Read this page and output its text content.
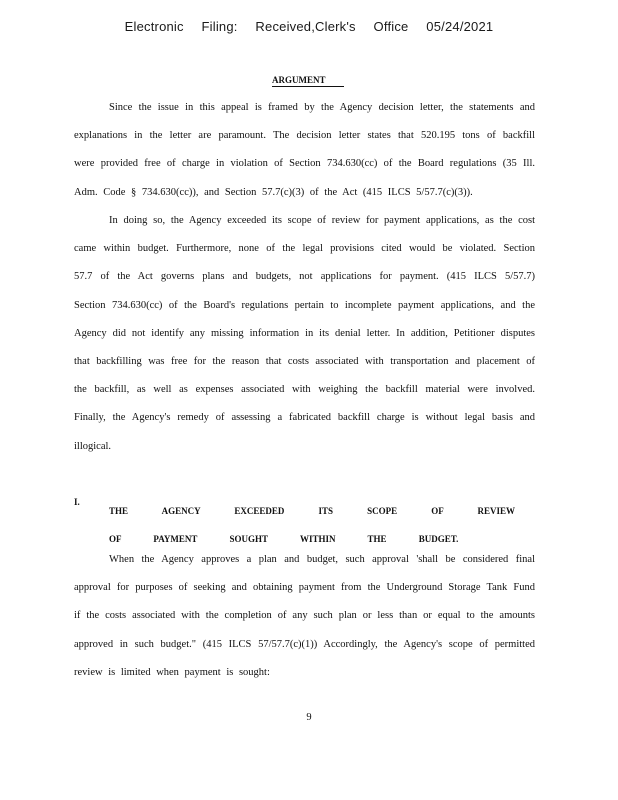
Electronic Filing: Received,Clerk's Office 05/24/2021
ARGUMENT

Since the issue in this appeal is framed by the Agency decision letter, the statements and explanations in the letter are paramount. The decision letter states that 520.195 tons of backfill were provided free of charge in violation of Section 734.630(cc) of the Board regulations (35 Ill. Adm. Code § 734.630(cc)), and Section 57.7(c)(3) of the Act (415 ILCS 5/57.7(c)(3)).

In doing so, the Agency exceeded its scope of review for payment applications, as the cost came within budget. Furthermore, none of the legal provisions cited would be violated. Section 57.7 of the Act governs plans and budgets, not applications for payment. (415 ILCS 5/57.7) Section 734.630(cc) of the Board's regulations pertain to incomplete payment applications, and the Agency did not identify any missing information in its denial letter. In addition, Petitioner disputes that backfilling was free for the reason that costs associated with transportation and placement of the backfill, as well as expenses associated with weighing the backfill material were involved. Finally, the Agency's remedy of assessing a fabricated backfill charge is without legal basis and illogical.

I.

THE AGENCY EXCEEDED ITS SCOPE OF REVIEW OF PAYMENT SOUGHT WITHIN THE BUDGET.

When the Agency approves a plan and budget, such approval 'shall be considered final approval for purposes of seeking and obtaining payment from the Underground Storage Tank Fund if the costs associated with the completion of any such plan or less than or equal to the amounts approved in such budget." (415 ILCS 57/57.7(c)(1)) Accordingly, the Agency's scope of permitted review is limited when payment is sought:

9
